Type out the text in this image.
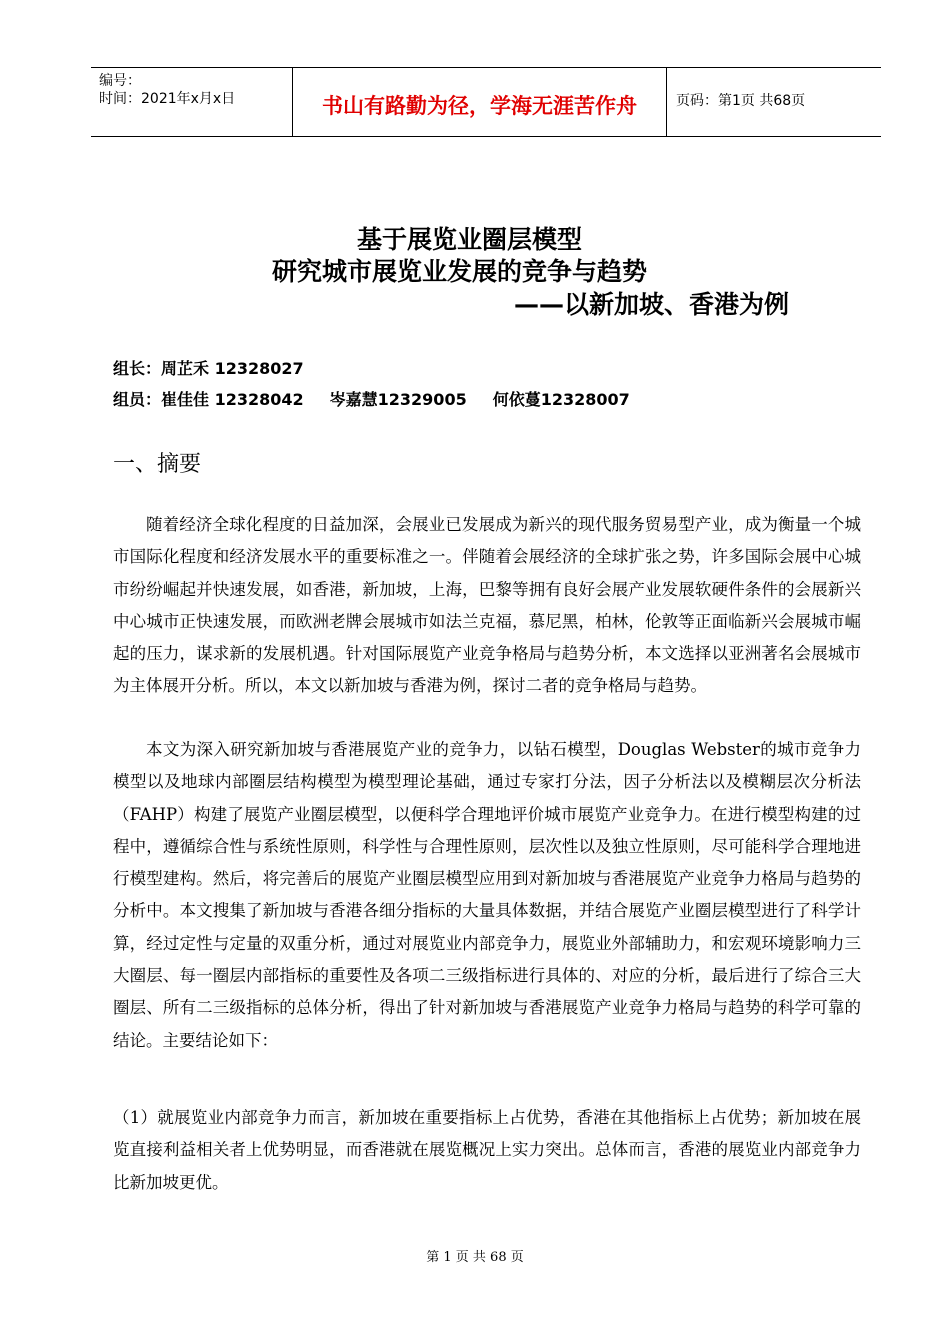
编号：
时间：2021年x月x日	书山有路勤为径，学海无涯苦作舟	页码：第1页 共68页
基于展览业圈层模型
研究城市展览业发展的竞争与趋势
——以新加坡、香港为例
组长：周芷禾 12328027
组员：崔佳佳 12328042 岑嘉慧12329005 何依蔓12328007
一、摘要

随着经济全球化程度的日益加深，会展业已发展成为新兴的现代服务贸易型产业，成为衡量一个城市国际化程度和经济发展水平的重要标准之一。伴随着会展经济的全球扩张之势，许多国际会展中心城市纷纷崛起并快速发展，如香港，新加坡，上海，巴黎等拥有良好会展产业发展软硬件条件的会展新兴中心城市正快速发展，而欧洲老牌会展城市如法兰克福，慕尼黑，柏林，伦敦等正面临新兴会展城市崛起的压力，谋求新的发展机遇。针对国际展览产业竞争格局与趋势分析，本文选择以亚洲著名会展城市为主体展开分析。所以，本文以新加坡与香港为例，探讨二者的竞争格局与趋势。

本文为深入研究新加坡与香港展览产业的竞争力，以钻石模型，Douglas Webster的城市竞争力模型以及地球内部圈层结构模型为模型理论基础，通过专家打分法，因子分析法以及模糊层次分析法（FAHP）构建了展览产业圈层模型，以便科学合理地评价城市展览产业竞争力。在进行模型构建的过程中，遵循综合性与系统性原则，科学性与合理性原则，层次性以及独立性原则，尽可能科学合理地进行模型建构。然后，将完善后的展览产业圈层模型应用到对新加坡与香港展览产业竞争力格局与趋势的分析中。本文搜集了新加坡与香港各细分指标的大量具体数据，并结合展览产业圈层模型进行了科学计算，经过定性与定量的双重分析，通过对展览业内部竞争力，展览业外部辅助力，和宏观环境影响力三大圈层、每一圈层内部指标的重要性及各项二三级指标进行具体的、对应的分析，最后进行了综合三大圈层、所有二三级指标的总体分析，得出了针对新加坡与香港展览产业竞争力格局与趋势的科学可靠的结论。主要结论如下：

（1）就展览业内部竞争力而言，新加坡在重要指标上占优势，香港在其他指标上占优势；新加坡在展览直接利益相关者上优势明显，而香港就在展览概况上实力突出。总体而言，香港的展览业内部竞争力比新加坡更优。
第 1 页 共 68 页
